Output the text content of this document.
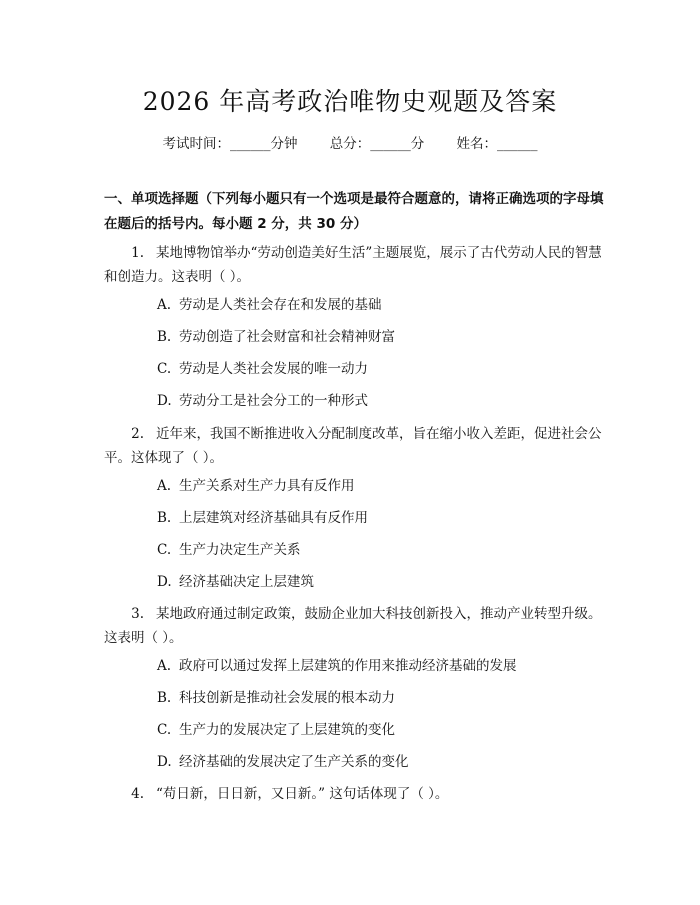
2026 年高考政治唯物史观题及答案
考试时间：______分钟 总分：______分 姓名：______

一、单项选择题（下列每小题只有一个选项是最符合题意的，请将正确选项的字母填在题后的括号内。每小题 2 分，共 30 分）

1. 某地博物馆举办“劳动创造美好生活”主题展览，展示了古代劳动人民的智慧和创造力。这表明（ ）。
A. 劳动是人类社会存在和发展的基础
B. 劳动创造了社会财富和社会精神财富
C. 劳动是人类社会发展的唯一动力
D. 劳动分工是社会分工的一种形式
2. 近年来，我国不断推进收入分配制度改革，旨在缩小收入差距，促进社会公平。这体现了（ ）。
A. 生产关系对生产力具有反作用
B. 上层建筑对经济基础具有反作用
C. 生产力决定生产关系
D. 经济基础决定上层建筑
3. 某地政府通过制定政策，鼓励企业加大科技创新投入，推动产业转型升级。这表明（ ）。
A. 政府可以通过发挥上层建筑的作用来推动经济基础的发展
B. 科技创新是推动社会发展的根本动力
C. 生产力的发展决定了上层建筑的变化
D. 经济基础的发展决定了生产关系的变化
4. “苟日新，日日新，又日新。” 这句话体现了（ ）。
